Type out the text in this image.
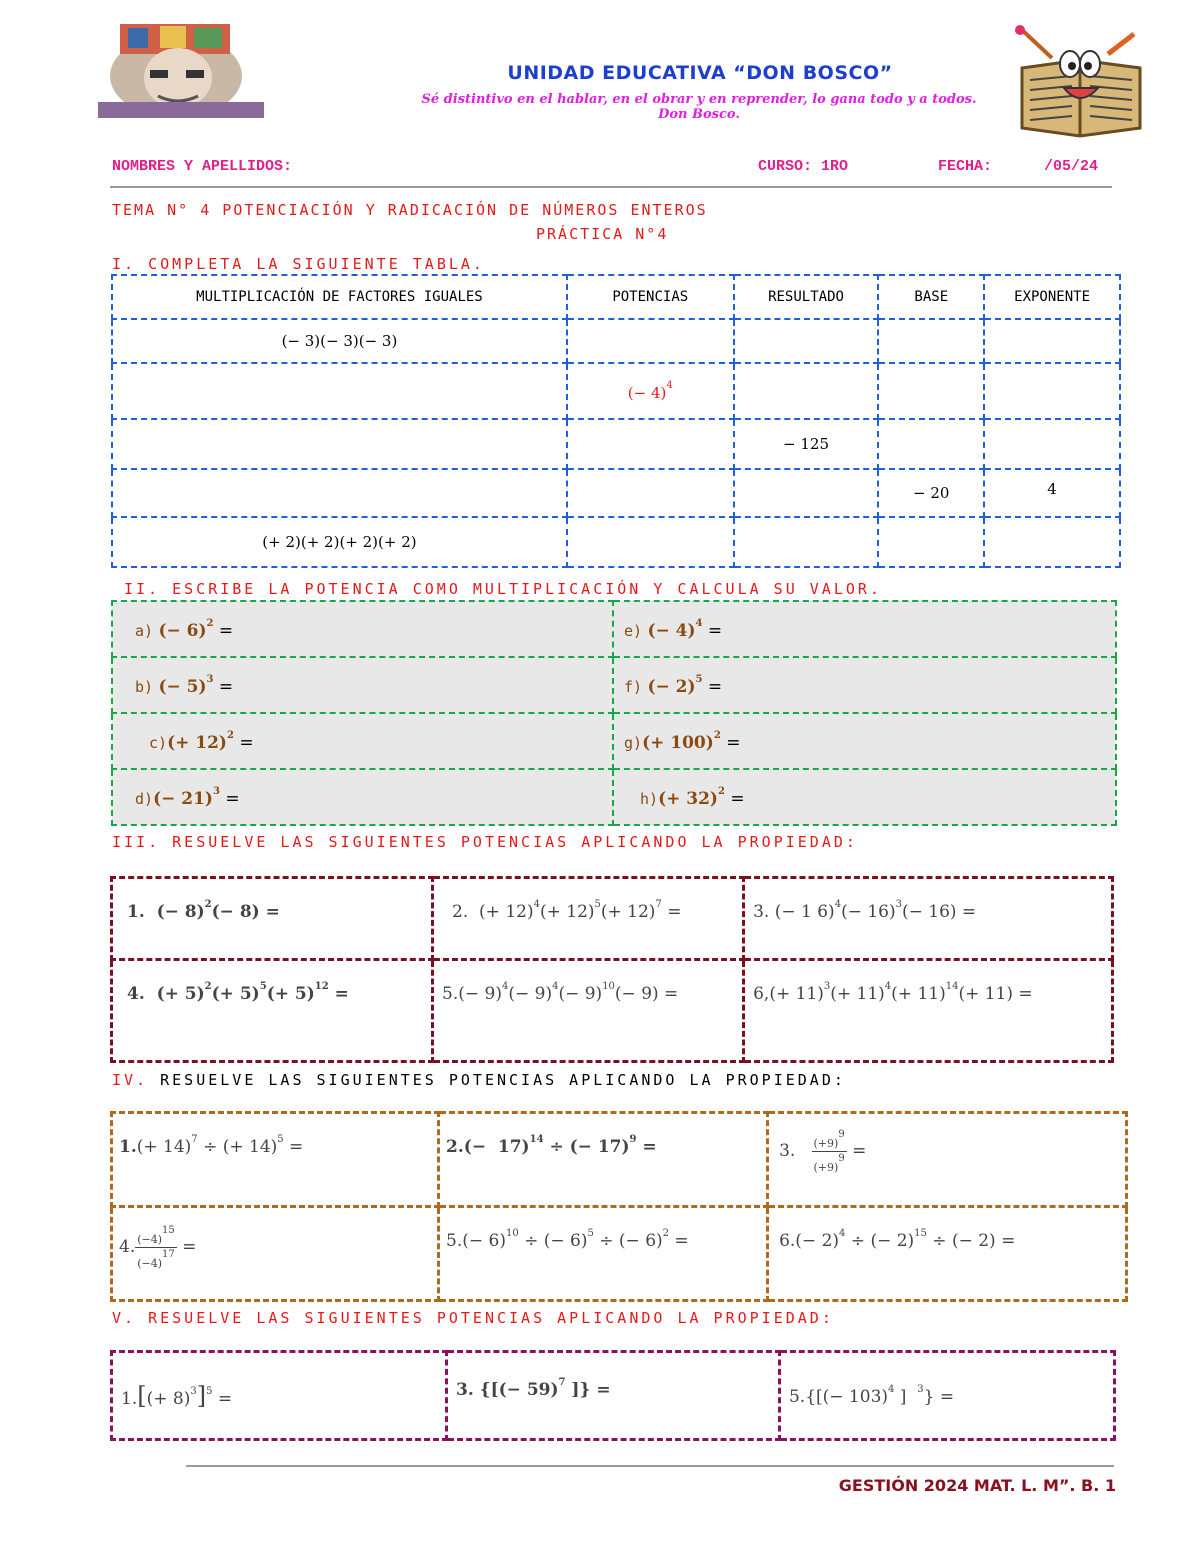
UNIDAD EDUCATIVA “DON BOSCO”
Sé distintivo en el hablar, en el obrar y en reprender, lo gana todo y a todos. Don Bosco.
NOMBRES Y APELLIDOS:	CURSO: 1RO	FECHA:	/05/24
TEMA N° 4 POTENCIACIÓN Y RADICACIÓN DE NÚMEROS ENTEROS
PRÁCTICA N°4
I. COMPLETA LA SIGUIENTE TABLA.
MULTIPLICACIÓN DE FACTORES IGUALES	POTENCIAS	RESULTADO	BASE	EXPONENTE
(− 3)(− 3)(− 3)				
	(− 4)$^4$			
		− 125		
			− 20	4
(+ 2)(+ 2)(+ 2)(+ 2)				
II. ESCRIBE LA POTENCIA COMO MULTIPLICACIÓN Y CALCULA SU VALOR.
a) (− 6)$^2$ =	e) (− 4)$^4$ =
b) (− 5)$^3$ =	f) (− 2)$^5$ =
$c)(+ 12)^2$ =	$g)(+ 100)^2$ =
$d)(- 21)^3$ =	$h)(+ 32)^2$ =
III. RESUELVE LAS SIGUIENTES POTENCIAS APLICANDO LA PROPIEDAD:
1.  (− 8)$^2$(− 8) =	2.  (+ $12)^4(+ 12)^5(+ 12)^7$ =	3. (− 1 $6)^4(- 16)^3(- 16)$ =
4.  (+ $5)^2(+ 5)^5(+ 5)^{12}$ =	$5.(- 9)^4(- 9)^4(- 9)^{10}(- 9)$ =	$6,(+ 11)^3(+ 11)^4(+ 11)^{14}(+ 11)$ =
IV. RESUELVE LAS SIGUIENTES POTENCIAS APLICANDO LA PROPIEDAD:
$1.(+ 14)^7$ ÷ (+ 14)$^5$ =	$2.(- 17)^{14}$ ÷ (− 17)$^9$ =	3. $\frac{(+9)^9}{(+9)^9}$ =
4. $\frac{(-4)^{15}}{(-4)^{17}}$ =	$5.(- 6)^{10}$ ÷ (− 6)$^5$ ÷ (− 6)$^2$ =	$6.(- 2)^4$ ÷ (− 2)$^{15}$ ÷ (− 2) =
V. RESUELVE LAS SIGUIENTES POTENCIAS APLICANDO LA PROPIEDAD:
$1.[(+ 8)^3]^5$ =	3. {[(− 59)$^7$ ]} =	$5.\{[(- 103)^4$ ]  $^3$} =
GESTIÓN 2024 MAT. L. M”. B. 1
